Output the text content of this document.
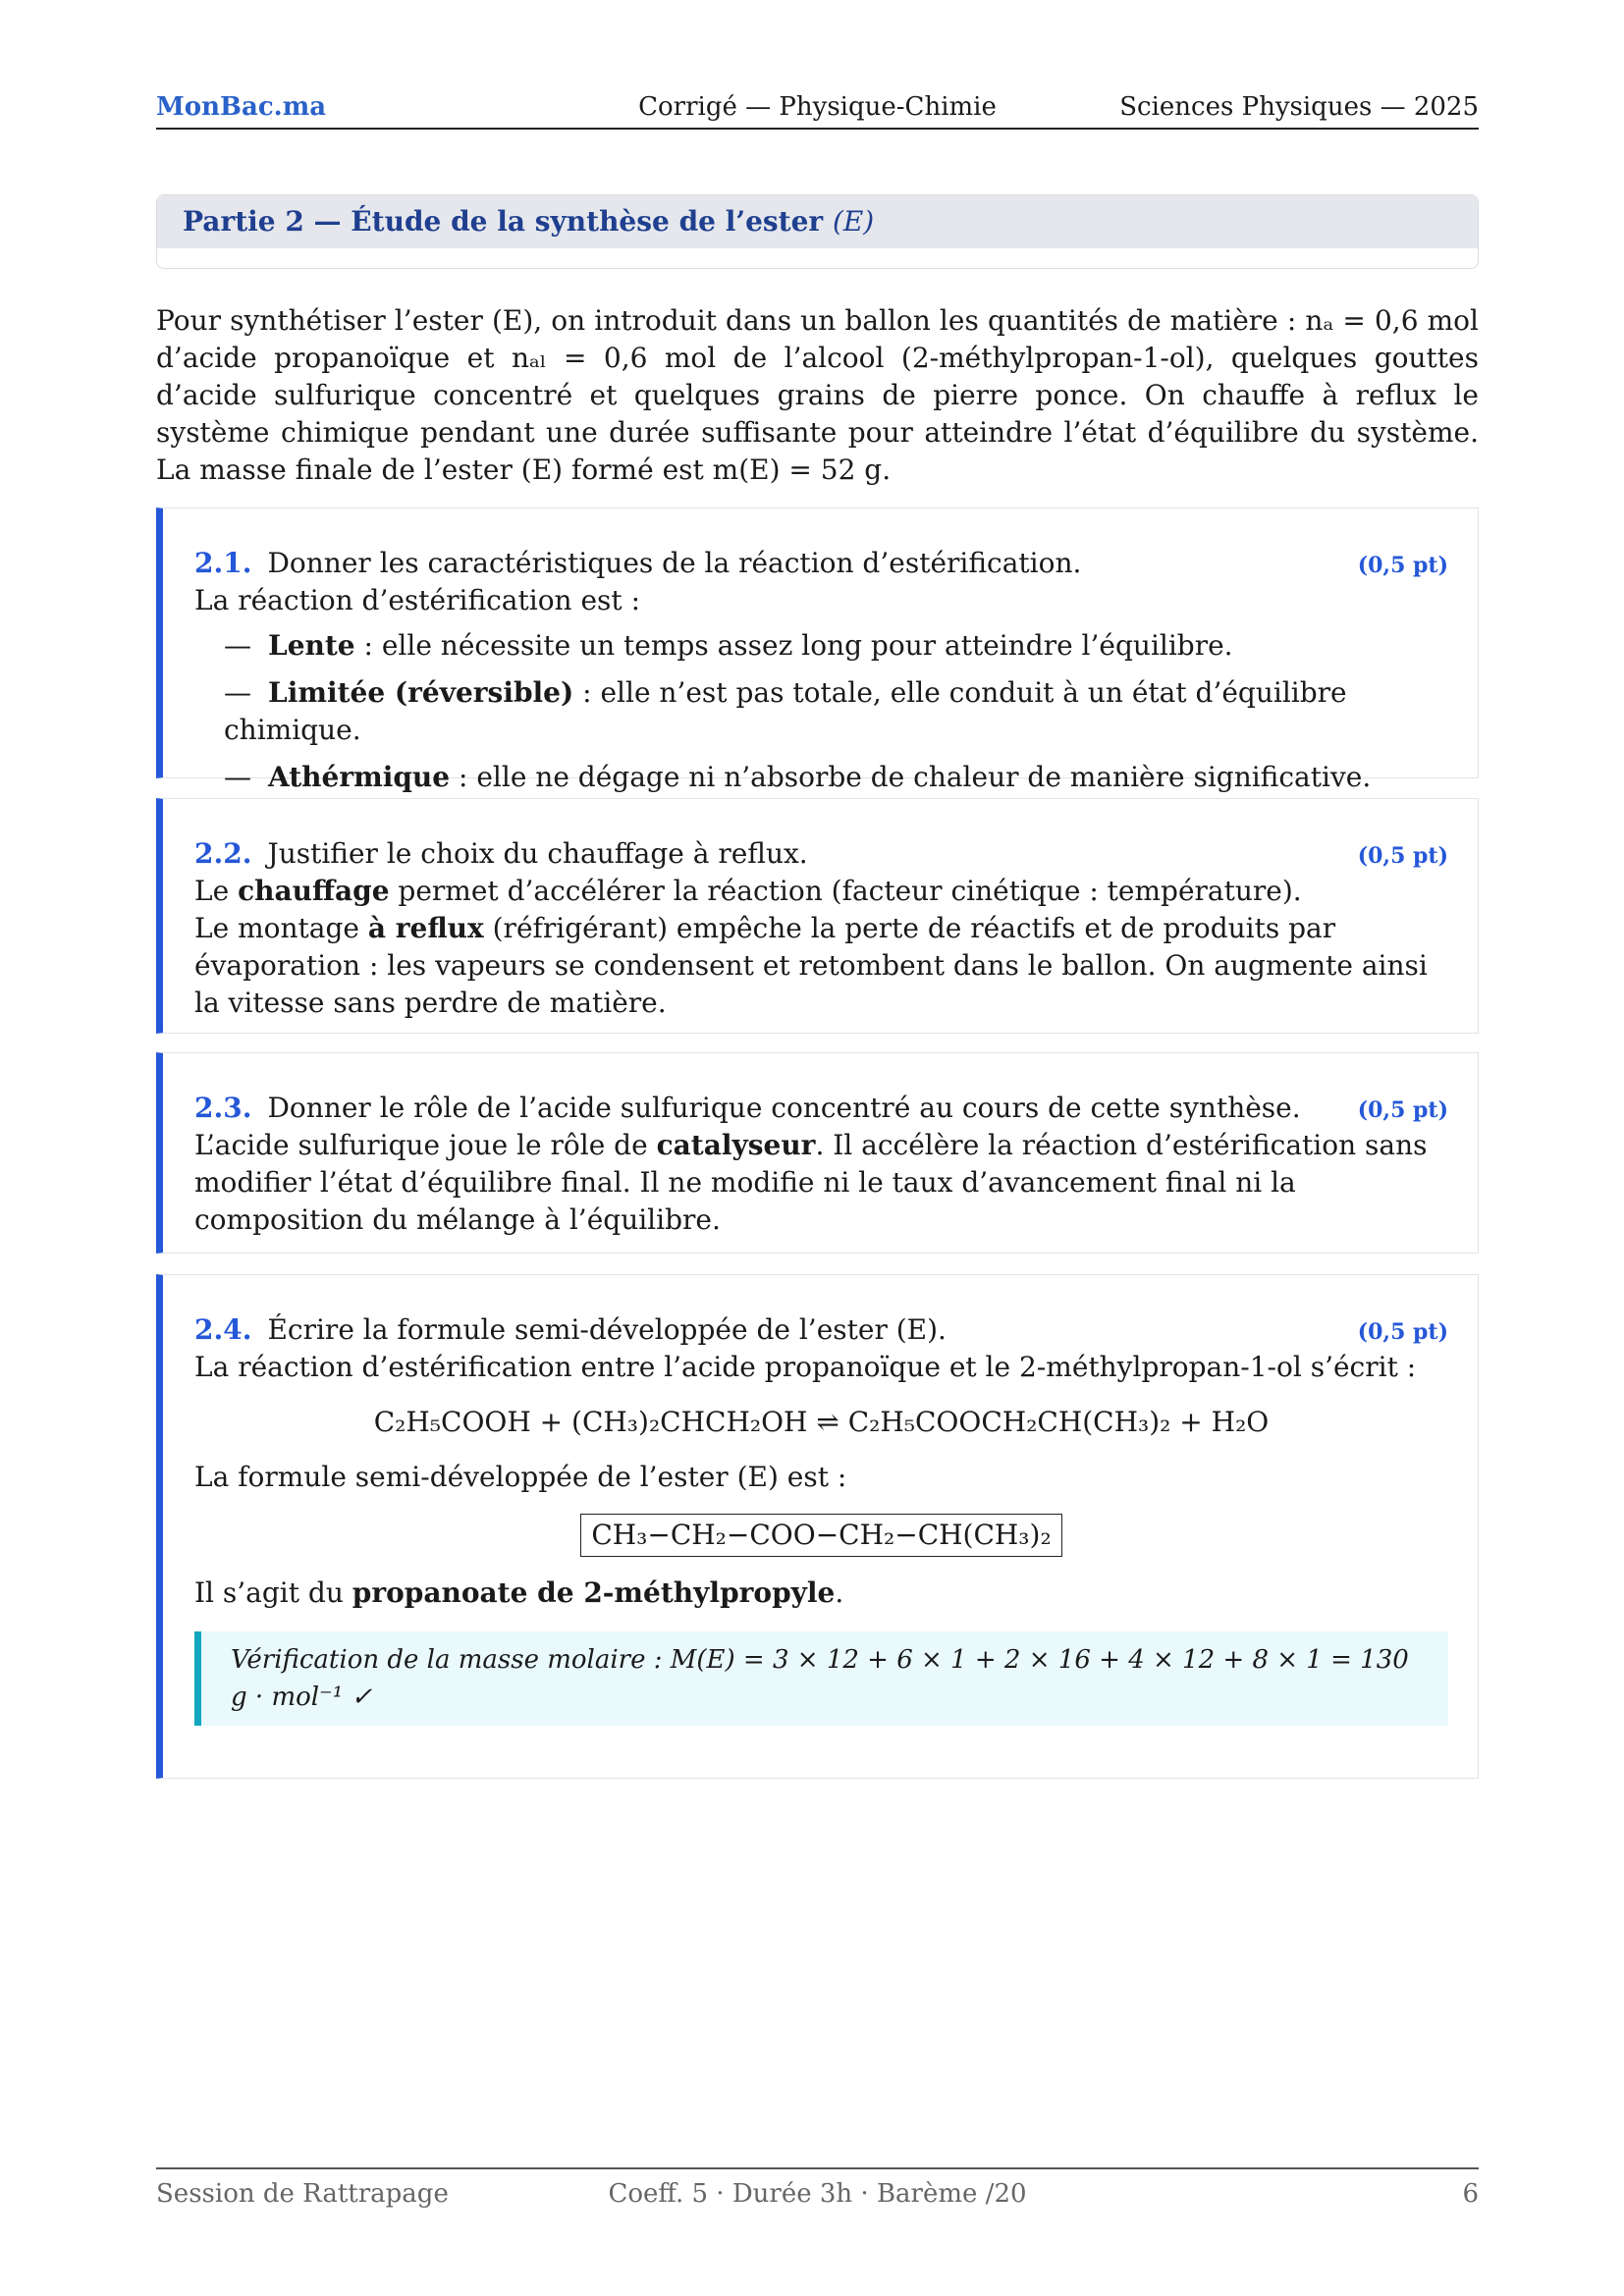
MonBac.ma	Corrigé — Physique-Chimie	Sciences Physiques — 2025
Partie 2 — Étude de la synthèse de l’ester (E)
Pour synthétiser l’ester (E), on introduit dans un ballon les quantités de matière : nₐ = 0,6 mol d’acide propanoïque et nₐₗ = 0,6 mol de l’alcool (2-méthylpropan-1-ol), quelques gouttes d’acide sulfurique concentré et quelques grains de pierre ponce. On chauffe à reflux le système chimique pendant une durée suffisante pour atteindre l’état d’équilibre du système. La masse finale de l’ester (E) formé est m(E) = 52 g.
2.1. Donner les caractéristiques de la réaction d’estérification.	(0,5 pt)
La réaction d’estérification est :
— Lente : elle nécessite un temps assez long pour atteindre l’équilibre.
— Limitée (réversible) : elle n’est pas totale, elle conduit à un état d’équilibre chimique.
— Athérmique : elle ne dégage ni n’absorbe de chaleur de manière significative.
2.2. Justifier le choix du chauffage à reflux.	(0,5 pt)
Le chauffage permet d’accélérer la réaction (facteur cinétique : température).
Le montage à reflux (réfrigérant) empêche la perte de réactifs et de produits par évaporation : les vapeurs se condensent et retombent dans le ballon. On augmente ainsi la vitesse sans perdre de matière.
2.3. Donner le rôle de l’acide sulfurique concentré au cours de cette synthèse.	(0,5 pt)
L’acide sulfurique joue le rôle de catalyseur. Il accélère la réaction d’estérification sans modifier l’état d’équilibre final. Il ne modifie ni le taux d’avancement final ni la composition du mélange à l’équilibre.
2.4. Écrire la formule semi-développée de l’ester (E).	(0,5 pt)
La réaction d’estérification entre l’acide propanoïque et le 2-méthylpropan-1-ol s’écrit :
C₂H₅COOH + (CH₃)₂CHCH₂OH ⇌ C₂H₅COOCH₂CH(CH₃)₂ + H₂O
La formule semi-développée de l’ester (E) est :
CH₃−CH₂−COO−CH₂−CH(CH₃)₂
Il s’agit du propanoate de 2-méthylpropyle.
Vérification de la masse molaire : M(E) = 3 × 12 + 6 × 1 + 2 × 16 + 4 × 12 + 8 × 1 = 130 g · mol⁻¹ ✓
Session de Rattrapage	Coeff. 5 · Durée 3h · Barème /20	6
